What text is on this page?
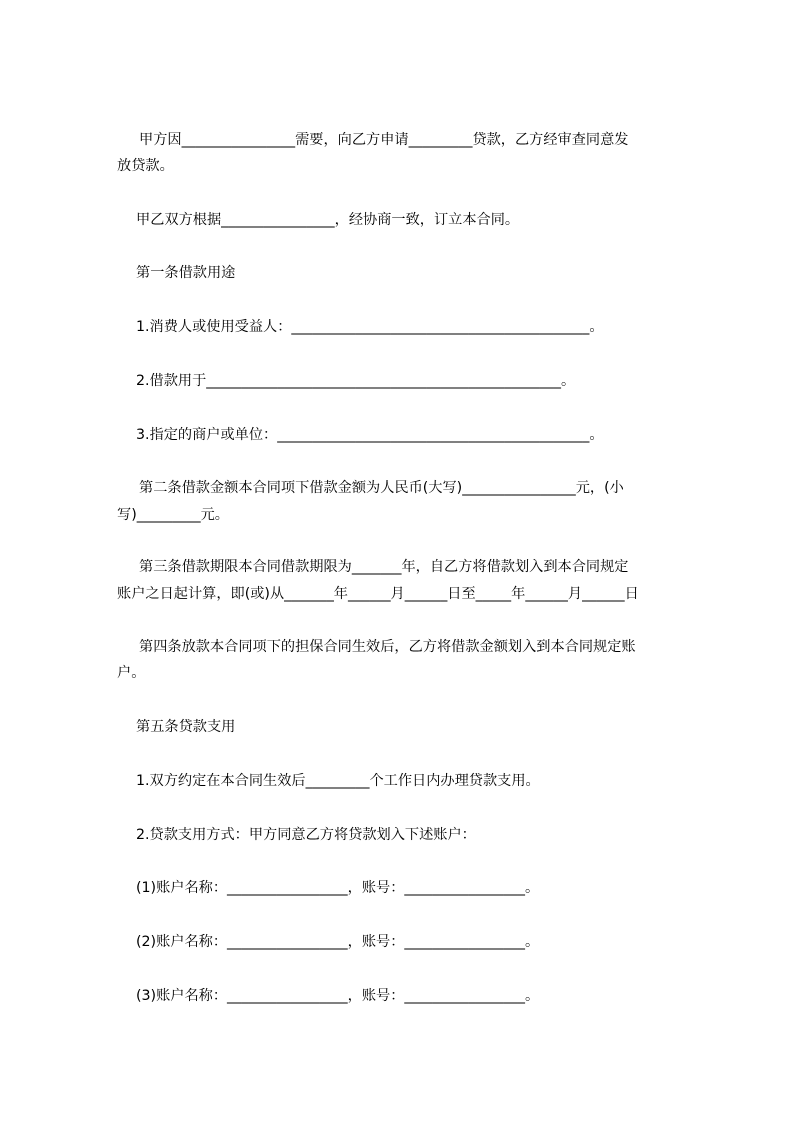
甲方因________________需要，向乙方申请_________贷款，乙方经审查同意发
放贷款。
甲乙双方根据________________，经协商一致，订立本合同。
第一条借款用途
1.消费人或使用受益人：__________________________________________。
2.借款用于__________________________________________________。
3.指定的商户或单位：____________________________________________。
第二条借款金额本合同项下借款金额为人民币(大写)________________元，(小
写)_________元。
第三条借款期限本合同借款期限为_______年，自乙方将借款划入到本合同规定
账户之日起计算，即(或)从_______年______月______日至_____年______月______日
第四条放款本合同项下的担保合同生效后，乙方将借款金额划入到本合同规定账
户。
第五条贷款支用
1.双方约定在本合同生效后_________个工作日内办理贷款支用。
2.贷款支用方式：甲方同意乙方将贷款划入下述账户：
(1)账户名称：_________________，账号：_________________。
(2)账户名称：_________________，账号：_________________。
(3)账户名称：_________________，账号：_________________。
